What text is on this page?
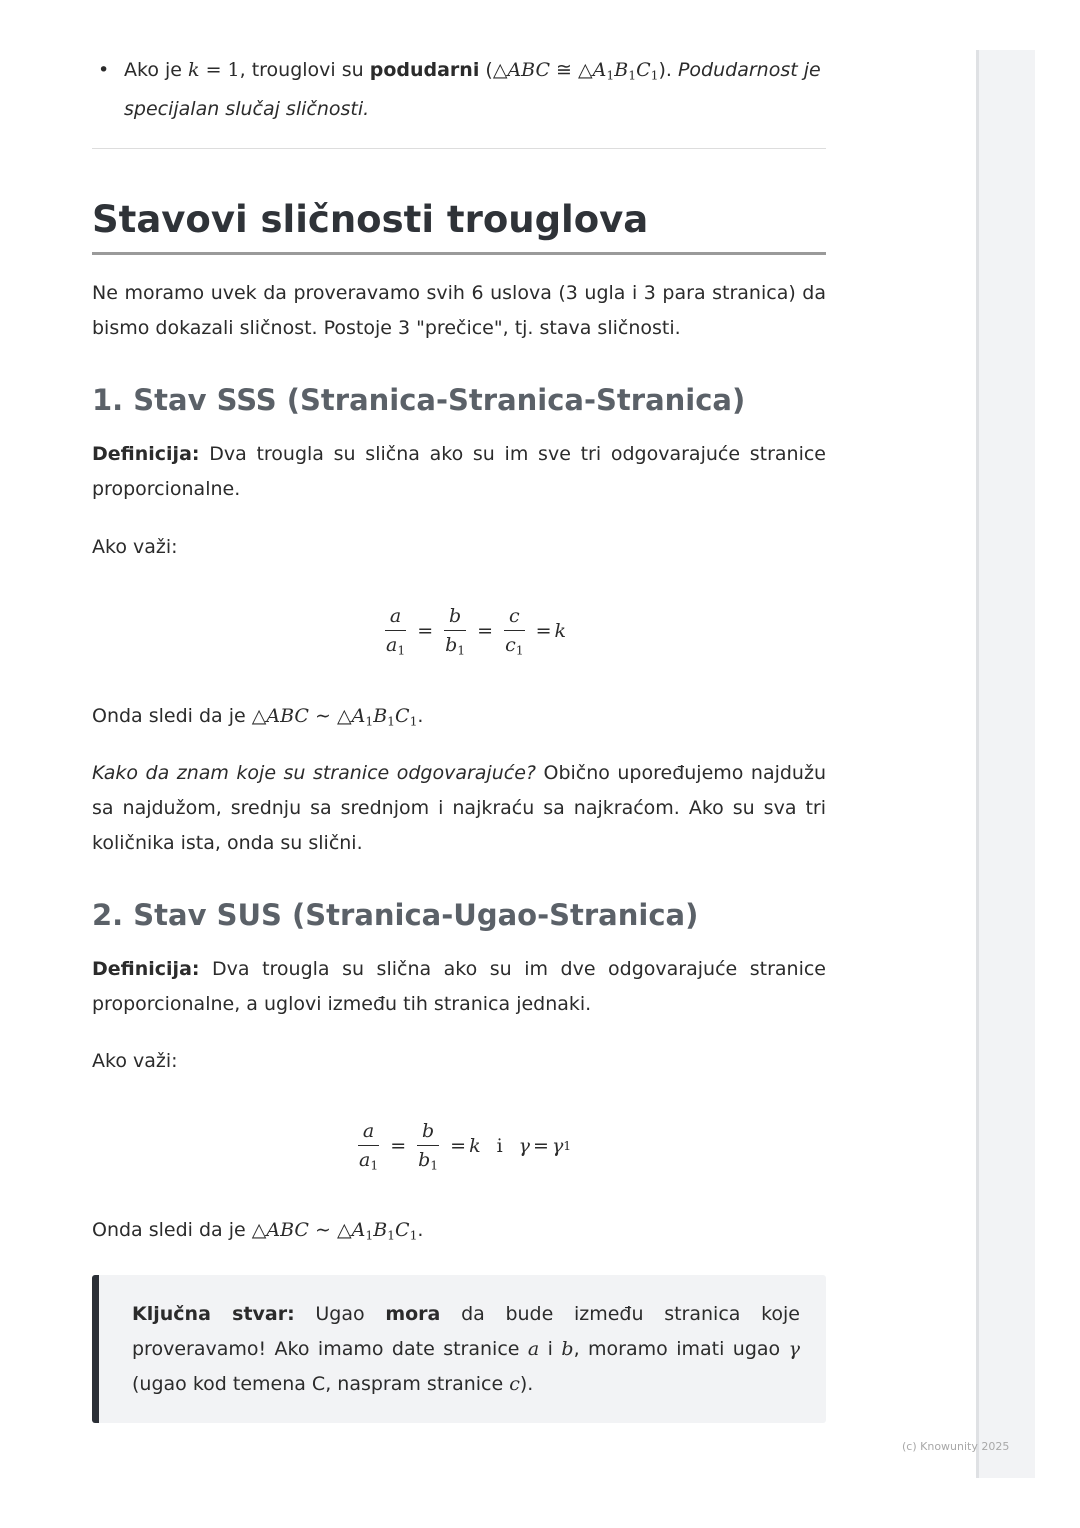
(c) Knowunity 2025
• Ako je k = 1, trouglovi su podudarni (△ABC ≅ $\triangle A_1B_1C_1$). Podudarnost je specijalan slučaj sličnosti.
Stavovi sličnosti trouglova
Ne moramo uvek da proveravamo svih 6 uslova (3 ugla i 3 para stranica) da bismo dokazali sličnost. Postoje 3 "prečice", tj. stava sličnosti.
1. Stav SSS (Stranica-Stranica-Stranica)
Definicija: Dva trougla su slična ako su im sve tri odgovarajuće stranice proporcionalne.
Ako važi:
$\frac{a}{a_1} = \frac{b}{b_1} = \frac{c}{c_1} = k$
Onda sledi da je △ABC ∼ $\triangle A_1B_1C_1$.
Kako da znam koje su stranice odgovarajuće? Obično upoređujemo najdužu sa najdužom, srednju sa srednjom i najkraću sa najkraćom. Ako su sva tri količnika ista, onda su slični.
2. Stav SUS (Stranica-Ugao-Stranica)
Definicija: Dva trougla su slična ako su im dve odgovarajuće stranice proporcionalne, a uglovi između tih stranica jednaki.
Ako važi:
$\frac{a}{a_1} = \frac{b}{b_1} = k$ i γ = γ 1
Onda sledi da je △ABC ∼ $\triangle A_1B_1C_1$.
Ključna stvar: Ugao mora da bude između stranica koje proveravamo! Ako imamo date stranice a i b, moramo imati ugao γ (ugao kod temena C, naspram stranice c).
